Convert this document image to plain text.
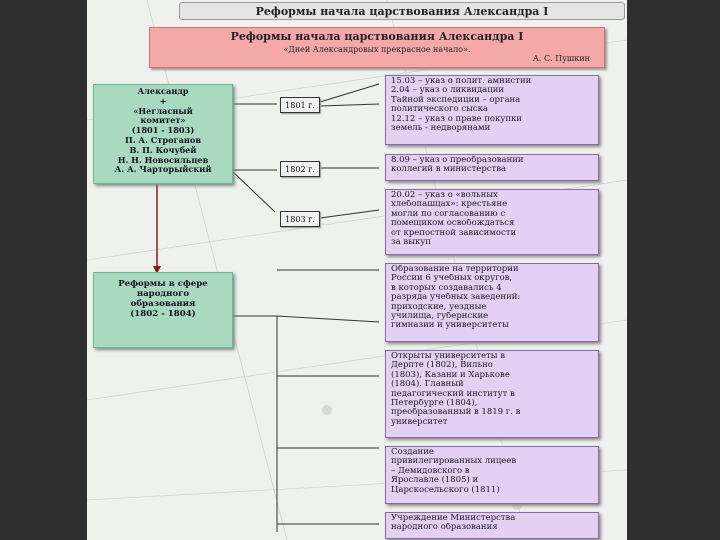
Реформы начала царствования Александра I
Реформы начала царствования Александра I
«Дней Александровых прекрасное начало».
А. С. Пушкин
Александр
+
«Негласный
комитет»
(1801 - 1803)
П. А. Строганов
В. П. Кочубей
Н. Н. Новосильцев
А. А. Чарторыйский
1801 г.
1802 г.
1803 г.
Реформы в сфере
народного
образования
(1802 - 1804)
15.03 – указ о полит. амнистии
2.04 – указ о ликвидации
Тайной экспедиции – органа
политического сыска
12.12 – указ о праве покупки
земель - недворянами
8.09 – указ о преобразовании
коллегий в министерства
20.02 – указ о «вольных
хлебопашцах»: крестьяне
могли по согласованию с
помещиком освобождаться
от крепостной зависимости
за выкуп
Образование на территории
России 6 учебных округов,
в которых создавались 4
разряда учебных заведений:
приходские, уездные
училища, губернские
гимназии и университеты
Открыты университеты в
Дерпте (1802), Вильно
(1803), Казани и Харькове
(1804). Главный
педагогический институт в
Петербурге (1804),
преобразованный в 1819 г. в
университет
Создание
привилегированных лицеев
– Демидовского в
Ярославле (1805) и
Царскосельского (1811)
Учреждение Министерства
народного образования
